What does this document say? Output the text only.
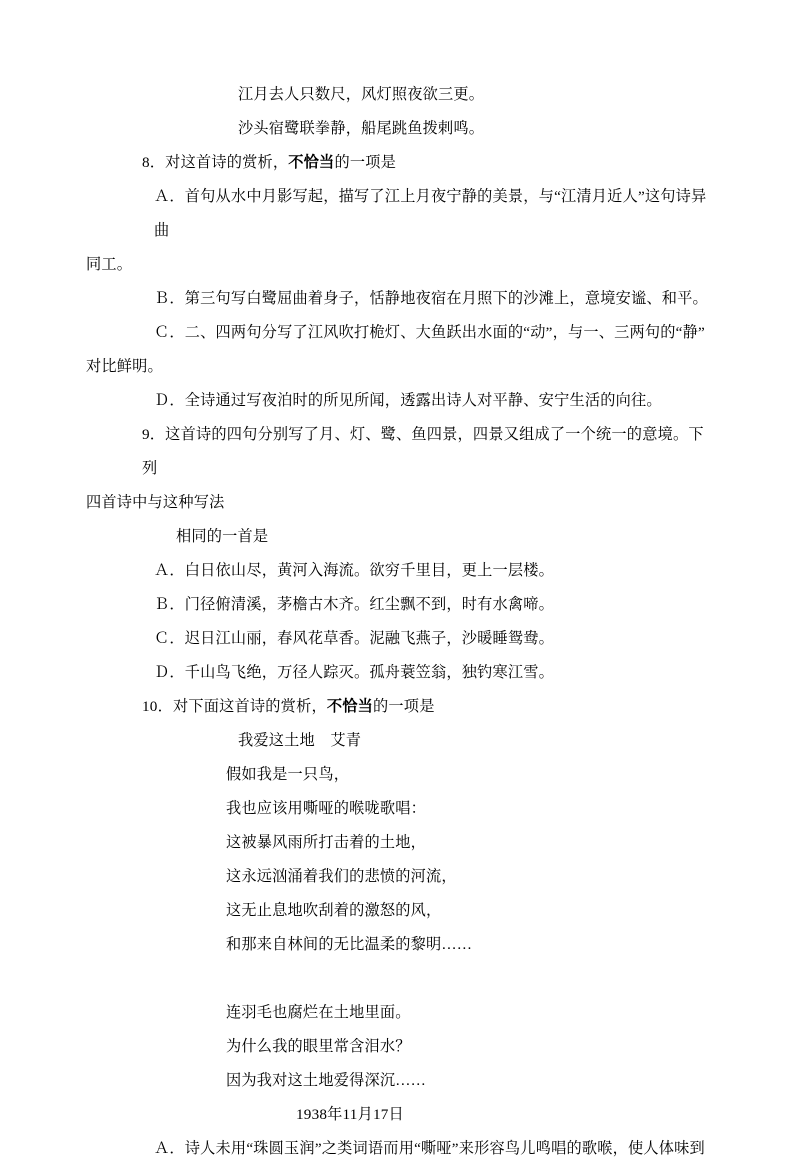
江月去人只数尺，风灯照夜欲三更。
沙头宿鹭联拳静，船尾跳鱼拨剌鸣。
8．对这首诗的赏析，不恰当的一项是
Ａ．首句从水中月影写起，描写了江上月夜宁静的美景，与“江清月近人”这句诗异曲
同工。
Ｂ．第三句写白鹭屈曲着身子，恬静地夜宿在月照下的沙滩上，意境安谧、和平。
Ｃ．二、四两句分写了江风吹打桅灯、大鱼跃出水面的“动”，与一、三两句的“静”
对比鲜明。
Ｄ．全诗通过写夜泊时的所见所闻，透露出诗人对平静、安宁生活的向往。
9．这首诗的四句分别写了月、灯、鹭、鱼四景，四景又组成了一个统一的意境。下列
四首诗中与这种写法
相同的一首是
Ａ．白日依山尽，黄河入海流。欲穷千里目，更上一层楼。
Ｂ．门径俯清溪，茅檐古木齐。红尘飘不到，时有水禽啼。
Ｃ．迟日江山丽，春风花草香。泥融飞燕子，沙暖睡鸳鸯。
Ｄ．千山鸟飞绝，万径人踪灭。孤舟蓑笠翁，独钓寒江雪。
10．对下面这首诗的赏析，不恰当的一项是
我爱这土地　艾青
假如我是一只鸟，
我也应该用嘶哑的喉咙歌唱：
这被暴风雨所打击着的土地，
这永远汹涌着我们的悲愤的河流，
这无止息地吹刮着的激怒的风，
和那来自林间的无比温柔的黎明……

连羽毛也腐烂在土地里面。
为什么我的眼里常含泪水？
因为我对这土地爱得深沉……
1938年11月17日
Ａ．诗人未用“珠圆玉润”之类词语而用“嘶哑”来形容鸟儿鸣唱的歌喉，使人体味到
